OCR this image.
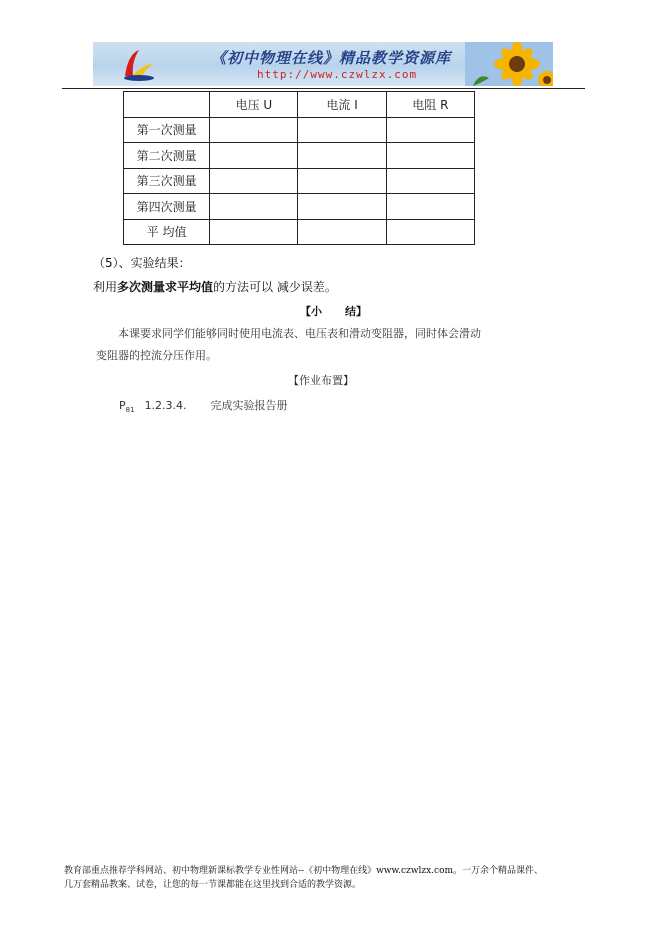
《初中物理在线》精品教学资源库
http://www.czwlzx.com
	电压 U	电流 I	电阻 R
第一次测量			
第二次测量			
第三次测量			
第四次测量			
平 均值			
（5）、实验结果：
利用多次测量求平均值的方法可以 减少误差。
【小      结】
本课要求同学们能够同时使用电流表、电压表和滑动变阻器，同时体会滑动
变阻器的控流分压作用。
【作业布置】
$P_{81}$ 1.2.3.4. 完成实验报告册
教育部重点推荐学科网站、初中物理新课标教学专业性网站--《初中物理在线》www.czwlzx.com。一万余个精品课件、
几万套精品教案、试卷，让您的每一节课都能在这里找到合适的教学资源。
